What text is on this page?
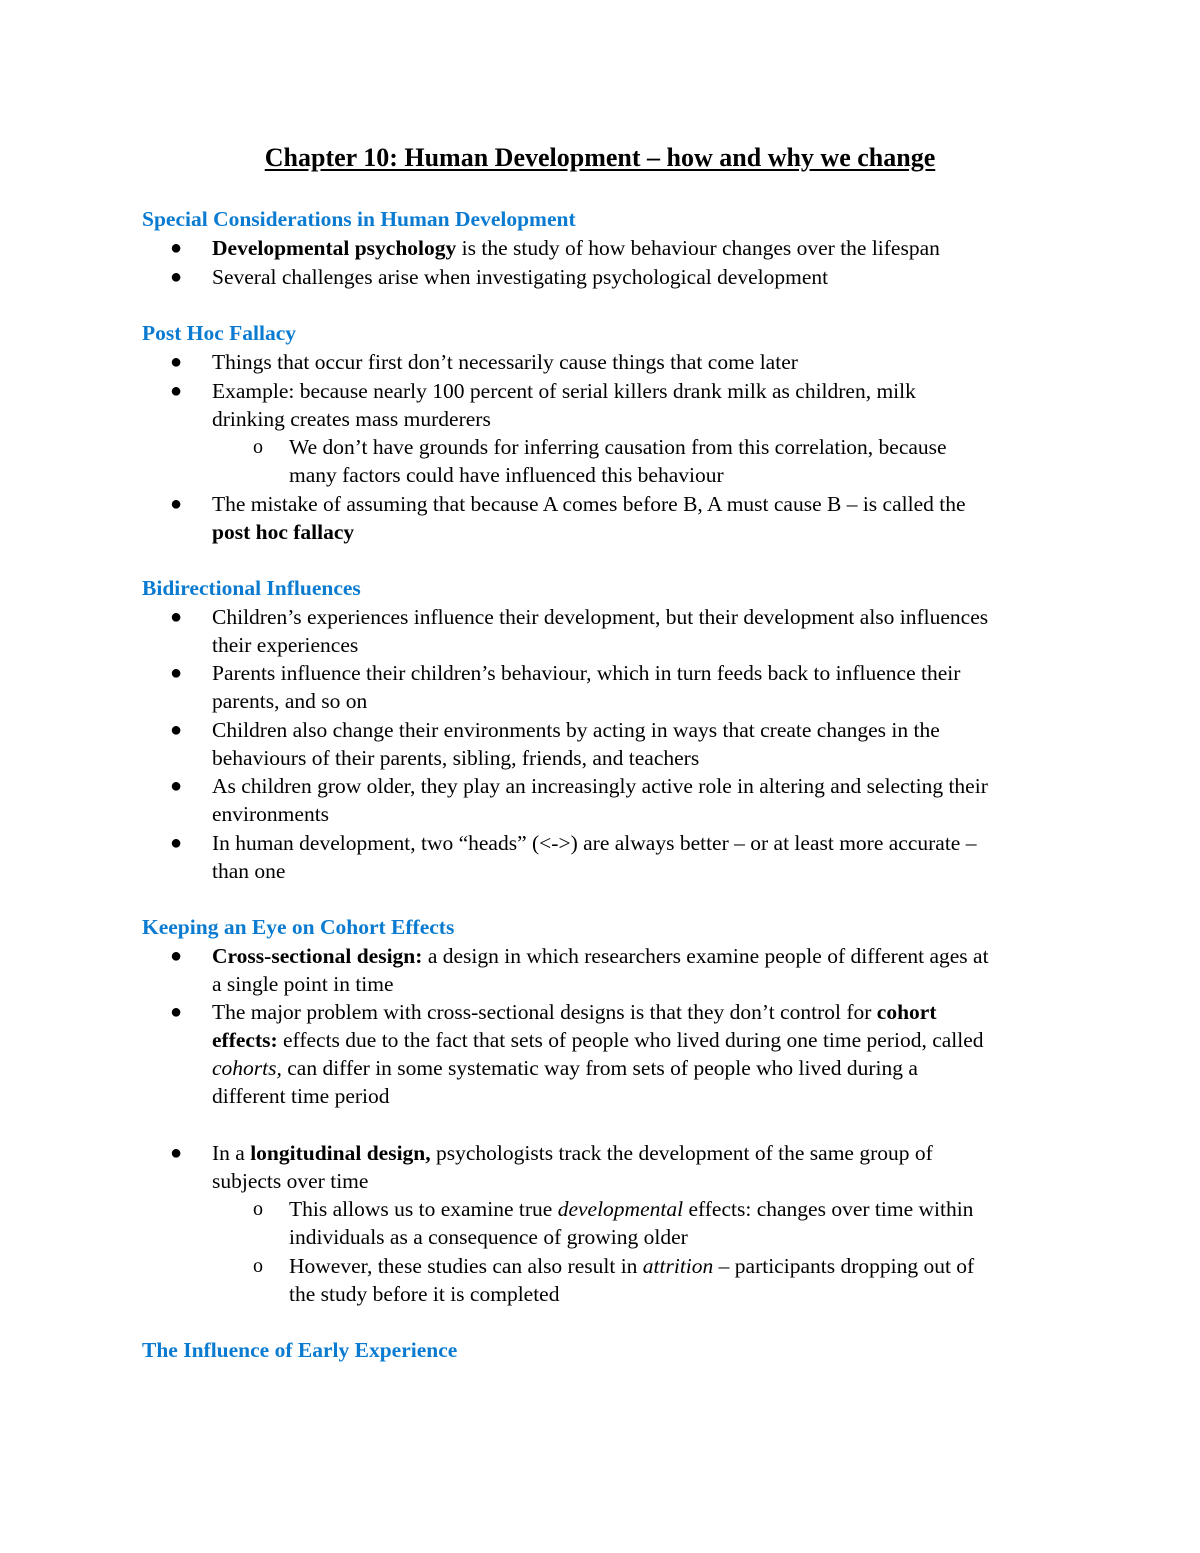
Chapter 10: Human Development – how and why we change
Special Considerations in Human Development
● Developmental psychology is the study of how behaviour changes over the lifespan
● Several challenges arise when investigating psychological development
Post Hoc Fallacy
● Things that occur first don’t necessarily cause things that come later
● Example: because nearly 100 percent of serial killers drank milk as children, milk
drinking creates mass murderers
o We don’t have grounds for inferring causation from this correlation, because
many factors could have influenced this behaviour
● The mistake of assuming that because A comes before B, A must cause B – is called the
post hoc fallacy
Bidirectional Influences
● Children’s experiences influence their development, but their development also influences
their experiences
● Parents influence their children’s behaviour, which in turn feeds back to influence their
parents, and so on
● Children also change their environments by acting in ways that create changes in the
behaviours of their parents, sibling, friends, and teachers
● As children grow older, they play an increasingly active role in altering and selecting their
environments
● In human development, two “heads” (<->) are always better – or at least more accurate –
than one
Keeping an Eye on Cohort Effects
● Cross-sectional design: a design in which researchers examine people of different ages at
a single point in time
● The major problem with cross-sectional designs is that they don’t control for cohort
effects: effects due to the fact that sets of people who lived during one time period, called
cohorts, can differ in some systematic way from sets of people who lived during a
different time period
● In a longitudinal design, psychologists track the development of the same group of
subjects over time
o This allows us to examine true developmental effects: changes over time within
individuals as a consequence of growing older
o However, these studies can also result in attrition – participants dropping out of
the study before it is completed
The Influence of Early Experience
